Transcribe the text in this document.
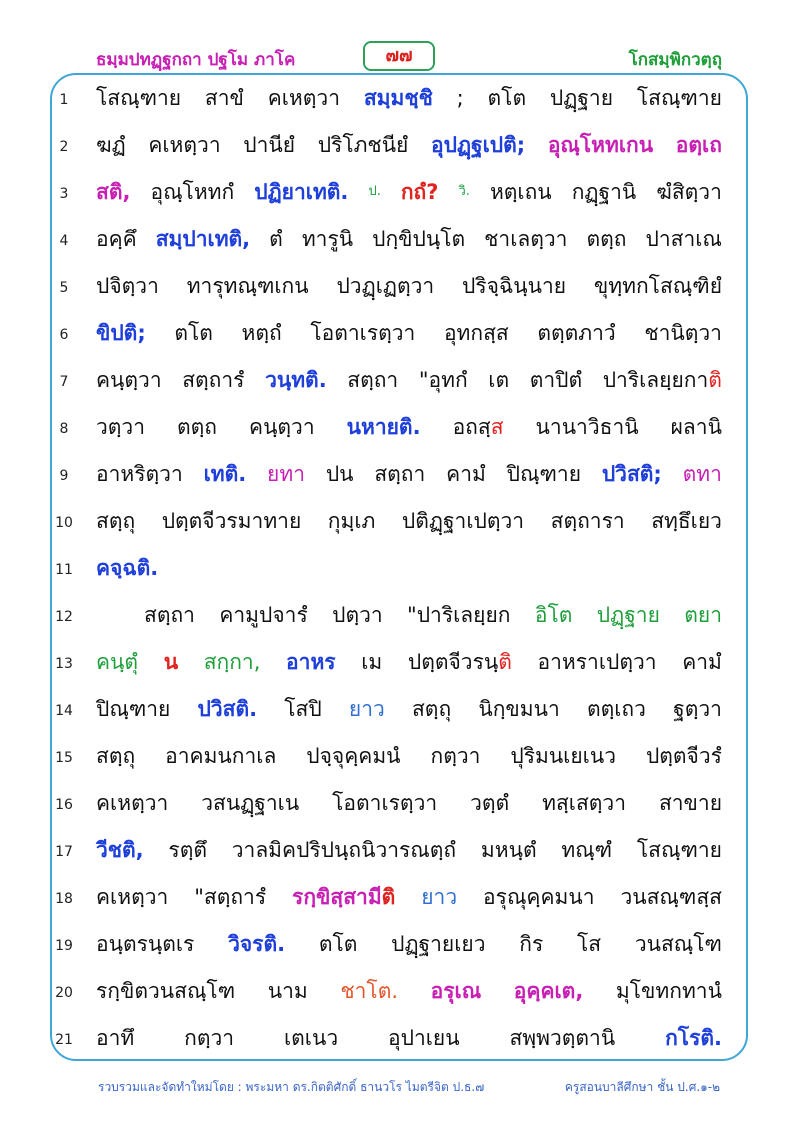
ธมฺมปทฏฺฐกถา ปฐโม ภาโค	๗๗	โกสมฺพิกวตฺถุ
1	โสณฺฑาย สาขํ คเหตฺวา สมฺมชฺชิ ; ตโต ปฏฺฐาย โสณฺฑาย
2	ฆฏํ คเหตฺวา ปานียํ ปริโภชนียํ อุปฏฺฐเปติ; อุณฺโหทเกน อตฺเถ
3	สติ, อุณฺโหทกํ ปฏิยาเทติ. ป. กถํ? วิ. หตฺเถน กฏฺฐานิ ฆํสิตฺวา
4	อคฺคึ สมฺปาเทติ, ตํ ทารูนิ ปกฺขิปนฺโต ชาเลตฺวา ตตฺถ ปาสาเณ
5	ปจิตฺวา ทารุทณฺฑเกน ปวฏฺเฏตฺวา ปริจฺฉินฺนาย ขุทฺทกโสณฺฑิยํ
6	ขิปติ; ตโต หตฺถํ โอตาเรตฺวา อุทกสฺส ตตฺตภาวํ ชานิตฺวา
7	คนฺตฺวา สตฺถารํ วนฺทติ. สตฺถา "อุทกํ เต ตาปิตํ ปาริเลยฺยกาติ
8	วตฺวา ตตฺถ คนฺตฺวา นหายติ. อถสฺส นานาวิธานิ ผลานิ
9	อาหริตฺวา เทติ. ยทา ปน สตฺถา คามํ ปิณฺฑาย ปวิสติ; ตทา
10 สตฺถุ ปตฺตจีวรมาทาย กุมฺเภ ปติฏฺฐาเปตฺวา สตฺถารา สทฺธึเยว
11 คจฺฉติ.
12	สตฺถา คามูปจารํ ปตฺวา "ปาริเลยฺยก อิโต ปฏฺฐาย ตยา
13 คนฺตุํ น สกฺกา, อาหร เม ปตฺตจีวรนฺติ อาหราเปตฺวา คามํ
14 ปิณฺฑาย ปวิสติ. โสปิ ยาว สตฺถุ นิกฺขมนา ตตฺเถว ฐตฺวา
15 สตฺถุ อาคมนกาเล ปจฺจุคฺคมนํ กตฺวา ปุริมนเยเนว ปตฺตจีวรํ
16 คเหตฺวา วสนฏฺฐาเน โอตาเรตฺวา วตฺตํ ทสฺเสตฺวา สาขาย
17 วีชติ, รตฺตึ วาลมิคปริปนฺถนิวารณตฺถํ มหนฺตํ ทณฺฑํ โสณฺฑาย
18 คเหตฺวา "สตฺถารํ รกฺขิสฺสามีติ ยาว อรุณุคฺคมนา วนสณฺฑสฺส
19 อนฺตรนฺตเร วิจรติ. ตโต ปฏฺฐายเยว กิร โส วนสณฺโฑ
20 รกฺขิตวนสณฺโฑ นาม ชาโต. อรุเณ อุคฺคเต, มุโขทกทานํ
21 อาทึ กตฺวา เตเนว อุปาเยน สพฺพวตฺตานิ กโรติ.
รวบรวมและจัดทำใหม่โดย : พระมหา ดร.กิตติศักดิ์ ธานวโร ไมตรีจิต ป.ธ.๗	ครูสอนบาลีศึกษา ชั้น ป.ศ.๑-๒
